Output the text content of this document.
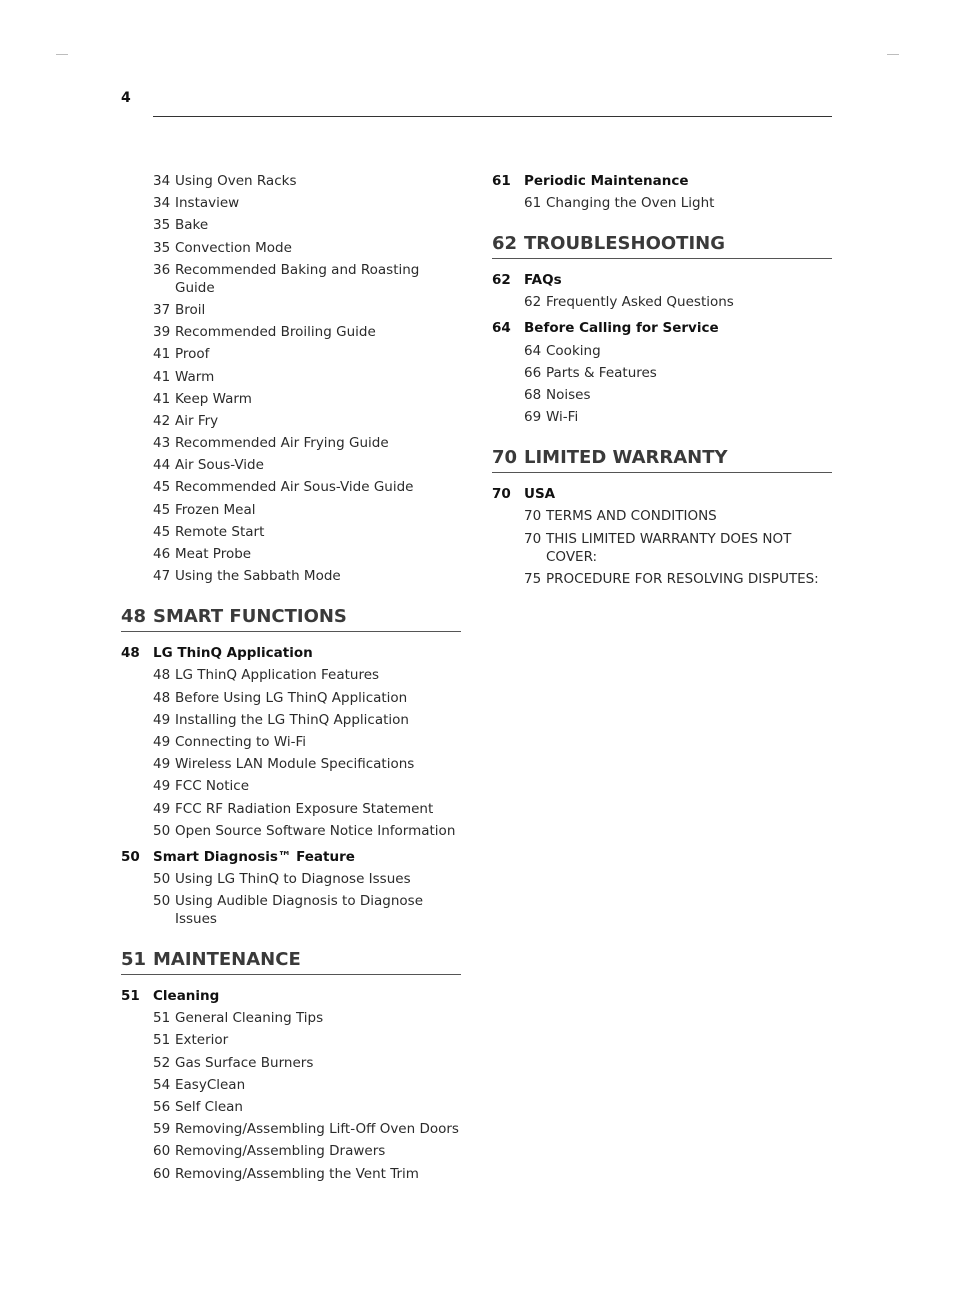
4
34 Using Oven Racks
34 Instaview
35 Bake
35 Convection Mode
36 Recommended Baking and Roasting Guide
37 Broil
39 Recommended Broiling Guide
41 Proof
41 Warm
41 Keep Warm
42 Air Fry
43 Recommended Air Frying Guide
44 Air Sous-Vide
45 Recommended Air Sous-Vide Guide
45 Frozen Meal
45 Remote Start
46 Meat Probe
47 Using the Sabbath Mode
48 SMART FUNCTIONS
48 LG ThinQ Application
48 LG ThinQ Application Features
48 Before Using LG ThinQ Application
49 Installing the LG ThinQ Application
49 Connecting to Wi-Fi
49 Wireless LAN Module Specifications
49 FCC Notice
49 FCC RF Radiation Exposure Statement
50 Open Source Software Notice Information
50 Smart Diagnosis™ Feature
50 Using LG ThinQ to Diagnose Issues
50 Using Audible Diagnosis to Diagnose Issues
51 MAINTENANCE
51 Cleaning
51 General Cleaning Tips
51 Exterior
52 Gas Surface Burners
54 EasyClean
56 Self Clean
59 Removing/Assembling Lift-Off Oven Doors
60 Removing/Assembling Drawers
60 Removing/Assembling the Vent Trim
61 Periodic Maintenance
61 Changing the Oven Light
62 TROUBLESHOOTING
62 FAQs
62 Frequently Asked Questions
64 Before Calling for Service
64 Cooking
66 Parts & Features
68 Noises
69 Wi-Fi
70 LIMITED WARRANTY
70 USA
70 TERMS AND CONDITIONS
70 THIS LIMITED WARRANTY DOES NOT COVER:
75 PROCEDURE FOR RESOLVING DISPUTES:
